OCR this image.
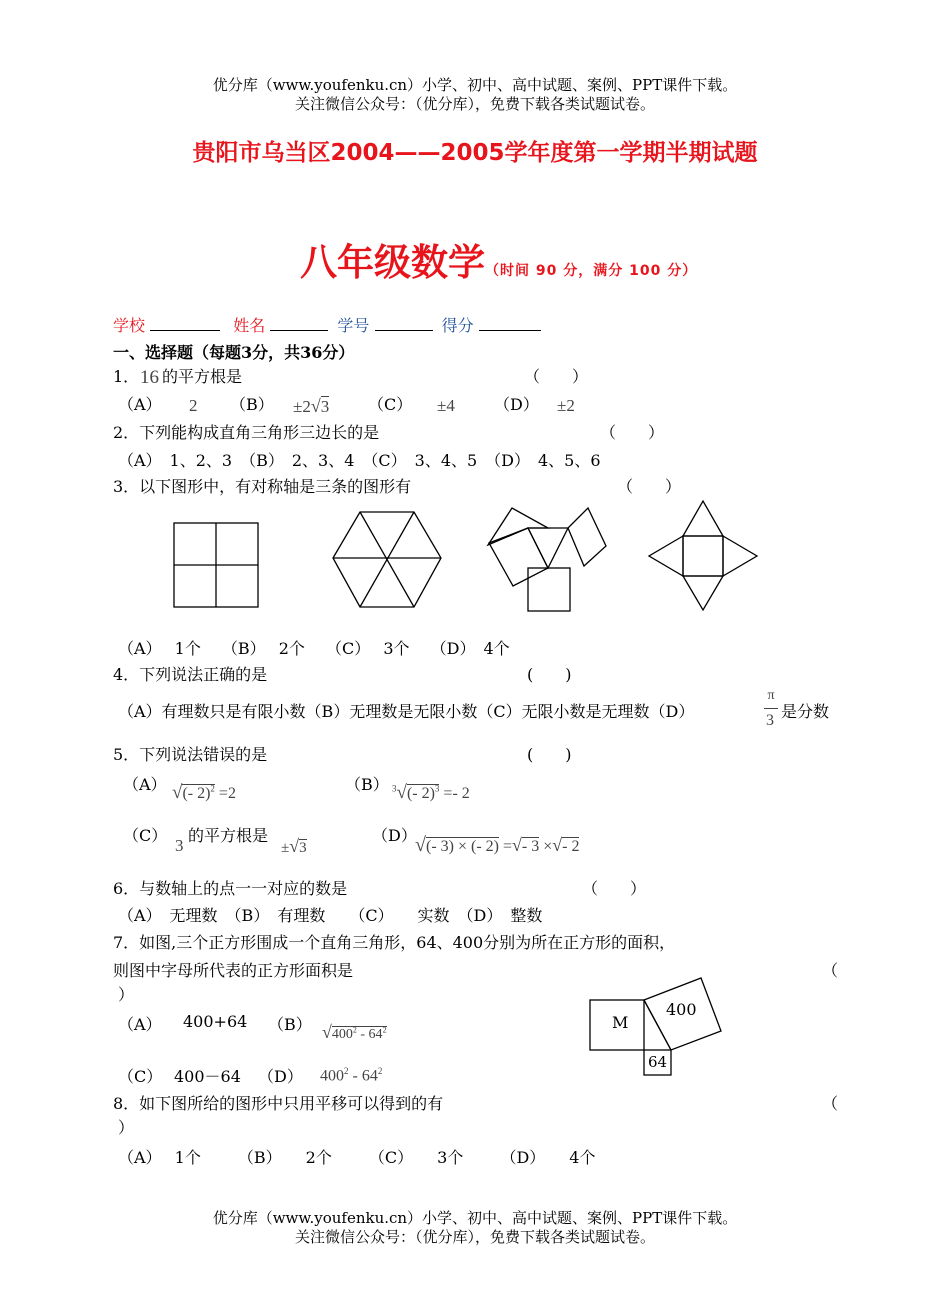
优分库（www.youfenku.cn）小学、初中、高中试题、案例、PPT课件下载。
关注微信公众号：（优分库），免费下载各类试题试卷。
贵阳市乌当区2004——2005学年度第一学期半期试题
八年级数学（时间 90 分，满分 100 分）
学校	姓名	学号	得分
一、选择题（每题3分，共36分）
1． 16 的平方根是	（　　）
（A） 2 （B） ±2√3 （C） ±4 （D） ±2
2．下列能构成直角三角形三边长的是	（　　）
（A）　1、2、3　（B）　2、3、4　（C）　3、4、5　（D）　4、5、6
3．以下图形中，有对称轴是三条的图形有	（　　）
（A）　 1个　 （B）　 2个　 （C）　 3个　 （D）　4个
4．下列说法正确的是	(　　)
（A）有理数只是有限小数（B）无理数是无限小数（C）无限小数是无理数（D）
π
3 是分数
5．下列说法错误的是	(　　)
（A） √(- 2)$^2$ =2	（B） $^3$√(- 2)$^3$ =- 2
（C）
3
的平方根是
±√3
（D）
√(- 3) × (- 2) =√- 3 ×√- 2
6．与数轴上的点一一对应的数是	（　　）
（A）　无理数　（B）　有理数　　（C）　　实数　（D）　整数
7．如图,三个正方形围成一个直角三角形，64、400分别为所在正方形的面积，
则图中字母所代表的正方形面积是	（
）
（A） 400+64 （B） $√400^2 - 64^2$
（C） 400－64 （D） $400^2 - 64^2$
M
400
64
8．如下图所给的图形中只用平移可以得到的有	（
）
（A）　 1个　　 （B）　　2个　　 （C）　　3个　　 （D）　　4个
优分库（www.youfenku.cn）小学、初中、高中试题、案例、PPT课件下载。
关注微信公众号：（优分库），免费下载各类试题试卷。
